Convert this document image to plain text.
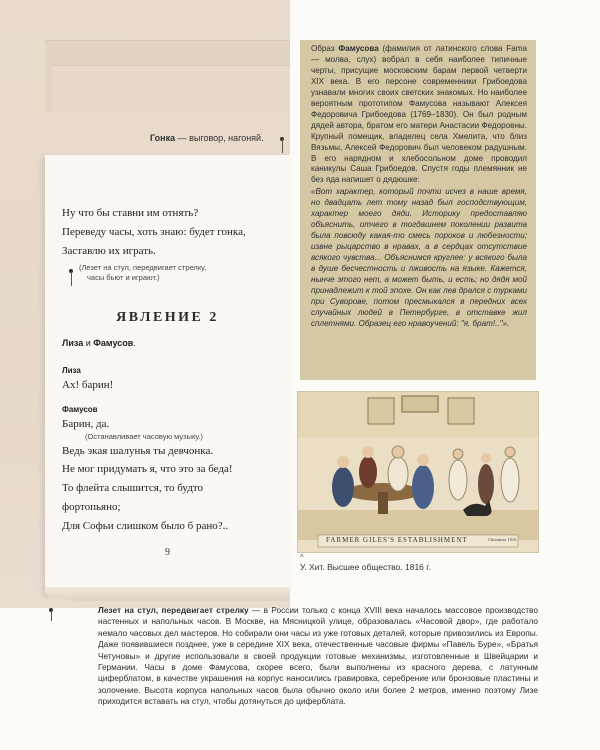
Гонка — выговор, нагоняй.
Ну что бы ставни им отнять?
Переведу часы, хоть знаю: будет гонка,
Заставлю их играть.
(Лезет на стул, передвигает стрелку,
часы бьют и играют.)
ЯВЛЕНИЕ 2
Лиза и Фамусов.
Лиза
Ах! барин!
Фамусов
Барин, да.
(Останавливает часовую музыку.)
Ведь экая шалунья ты девчонка.
Не мог придумать я, что это за беда!
То флейта слышится, то будто
фортопьяно;
Для Софьи слишком было б рано?..
9
Образ Фамусова (фамилия от латинского слова Fama — молва, слух) вобрал в себя наиболее типичные черты, присущие московским барам первой четверти XIX века. В его персоне современники Грибоедова узнавали многих своих светских знакомых. Но наиболее вероятным прототипом Фамусова называют Алексея Федоровича Грибоедова (1769–1830). Он был родным дядей автора, братом его матери Анастасии Федоровны. Крупный помещик, владелец села Хмелита, что близ Вязьмы, Алексей Федорович был человеком радушным. В его нарядном и хлебосольном доме проводил каникулы Саша Грибоедов. Спустя годы племянник не без яда напишет о дядюшке:
«Вот характер, который почти исчез в наше время, но двадцать лет тому назад был господствующим, характер моего дяди. Историку предоставляю объяснить, отчего в тогдашнем поколении развита была повсюду какая-то смесь пороков и любезности; извне рыцарство в нравах, а в сердцах отсутствие всякого чувства... Объяснимся круглее: у всякого была в душе бесчестность и лживость на языке. Кажется, нынче этого нет, а может быть, и есть; но дядя мой принадлежит к той эпохе. Он как лев дрался с турками при Суворове, потом пресмыкался в передних всех случайных людей в Петербурге, в отставке жил сплетнями. Образец его нравоучений: "я, брат!.."».
FARMER GILES'S ESTABLISHMENT	Christmas 1816
^
У. Хит. Высшее общество. 1816 г.
Лезет на стул, передвигает стрелку — в России только с конца XVIII века началось массовое производство настенных и напольных часов. В Москве, на Мясницкой улице, образовалась «Часовой двор», где работало немало часовых дел мастеров. Но собирали они часы из уже готовых деталей, которые привозились из Европы. Даже появившиеся позднее, уже в середине XIX века, отечественные часовые фирмы «Павель Буре», «Братья Четуновы» и другие использовали в своей продукции готовые механизмы, изготовленные в Швейцарии и Германии. Часы в доме Фамусова, скорее всего, были выполнены из красного дерева, с латунным циферблатом, в качестве украшения на корпус наносились гравировка, серебрение или бронзовые пластины и золочение. Высота корпуса напольных часов была обычно около или более 2 метров, именно поэтому Лизе приходится вставать на стул, чтобы дотянуться до циферблата.
